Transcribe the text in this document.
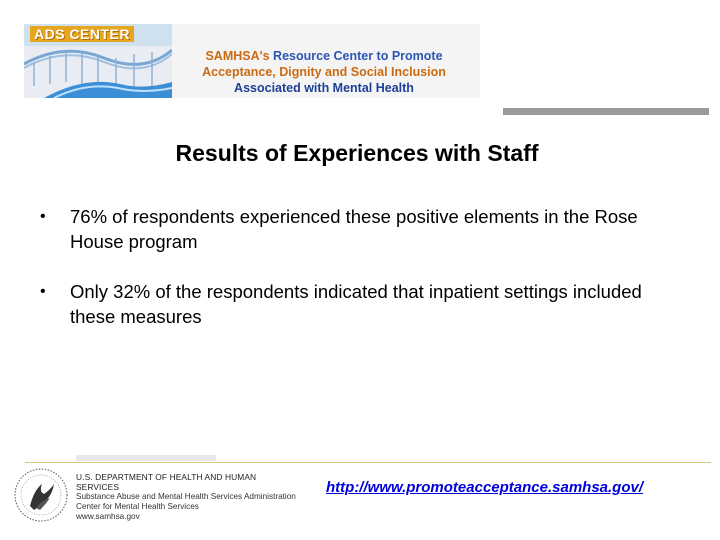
ADS CENTER
SAMHSA's Resource Center to Promote
Acceptance, Dignity and Social Inclusion
Associated with Mental Health
Results of Experiences with Staff
• 76% of respondents experienced these positive elements in the Rose House program
• Only 32% of the respondents indicated that inpatient settings included these measures
U.S. DEPARTMENT OF HEALTH AND HUMAN SERVICES
Substance Abuse and Mental Health Services Administration
Center for Mental Health Services
www.samhsa.gov
http://www.promoteacceptance.samhsa.gov/
